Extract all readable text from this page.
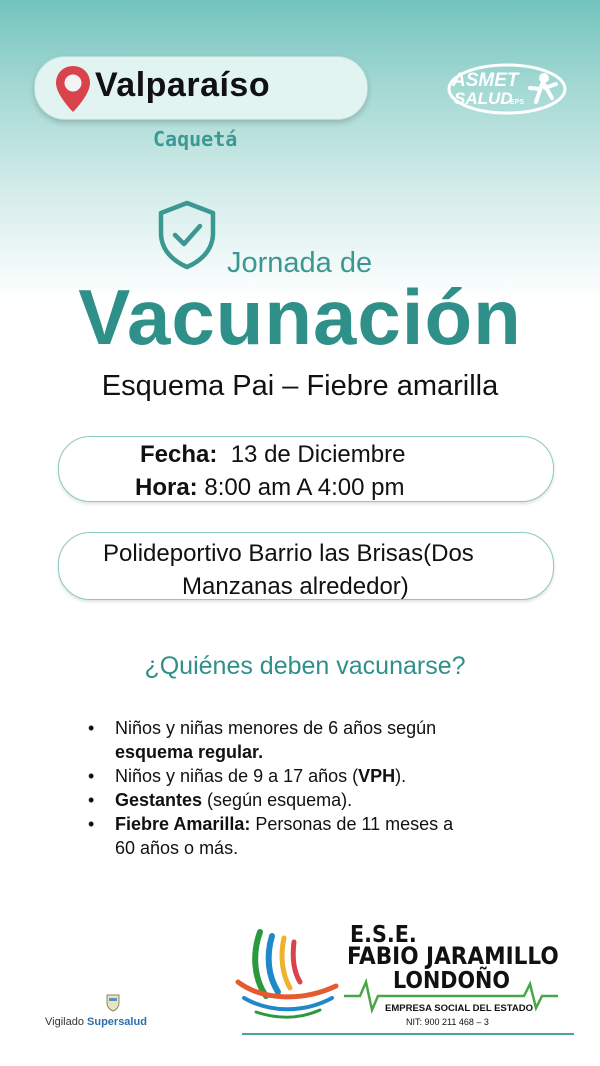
Valparaíso
Caquetá
ASMET
SALUD
EPS
Jornada de
Vacunación
Esquema Pai – Fiebre amarilla
Fecha: 13 de Diciembre
Hora: 8:00 am A 4:00 pm
Polideportivo Barrio las Brisas(Dos
Manzanas alrededor)
¿Quiénes deben vacunarse?
• Niños y niñas menores de 6 años según
esquema regular.
• Niños y niñas de 9 a 17 años (VPH).
• Gestantes (según esquema).
• Fiebre Amarilla: Personas de 11 meses a
60 años o más.
Vigilado Supersalud
E.S.E.
FABIO JARAMILLO
LONDOÑO
EMPRESA SOCIAL DEL ESTADO
NIT: 900 211 468 – 3
